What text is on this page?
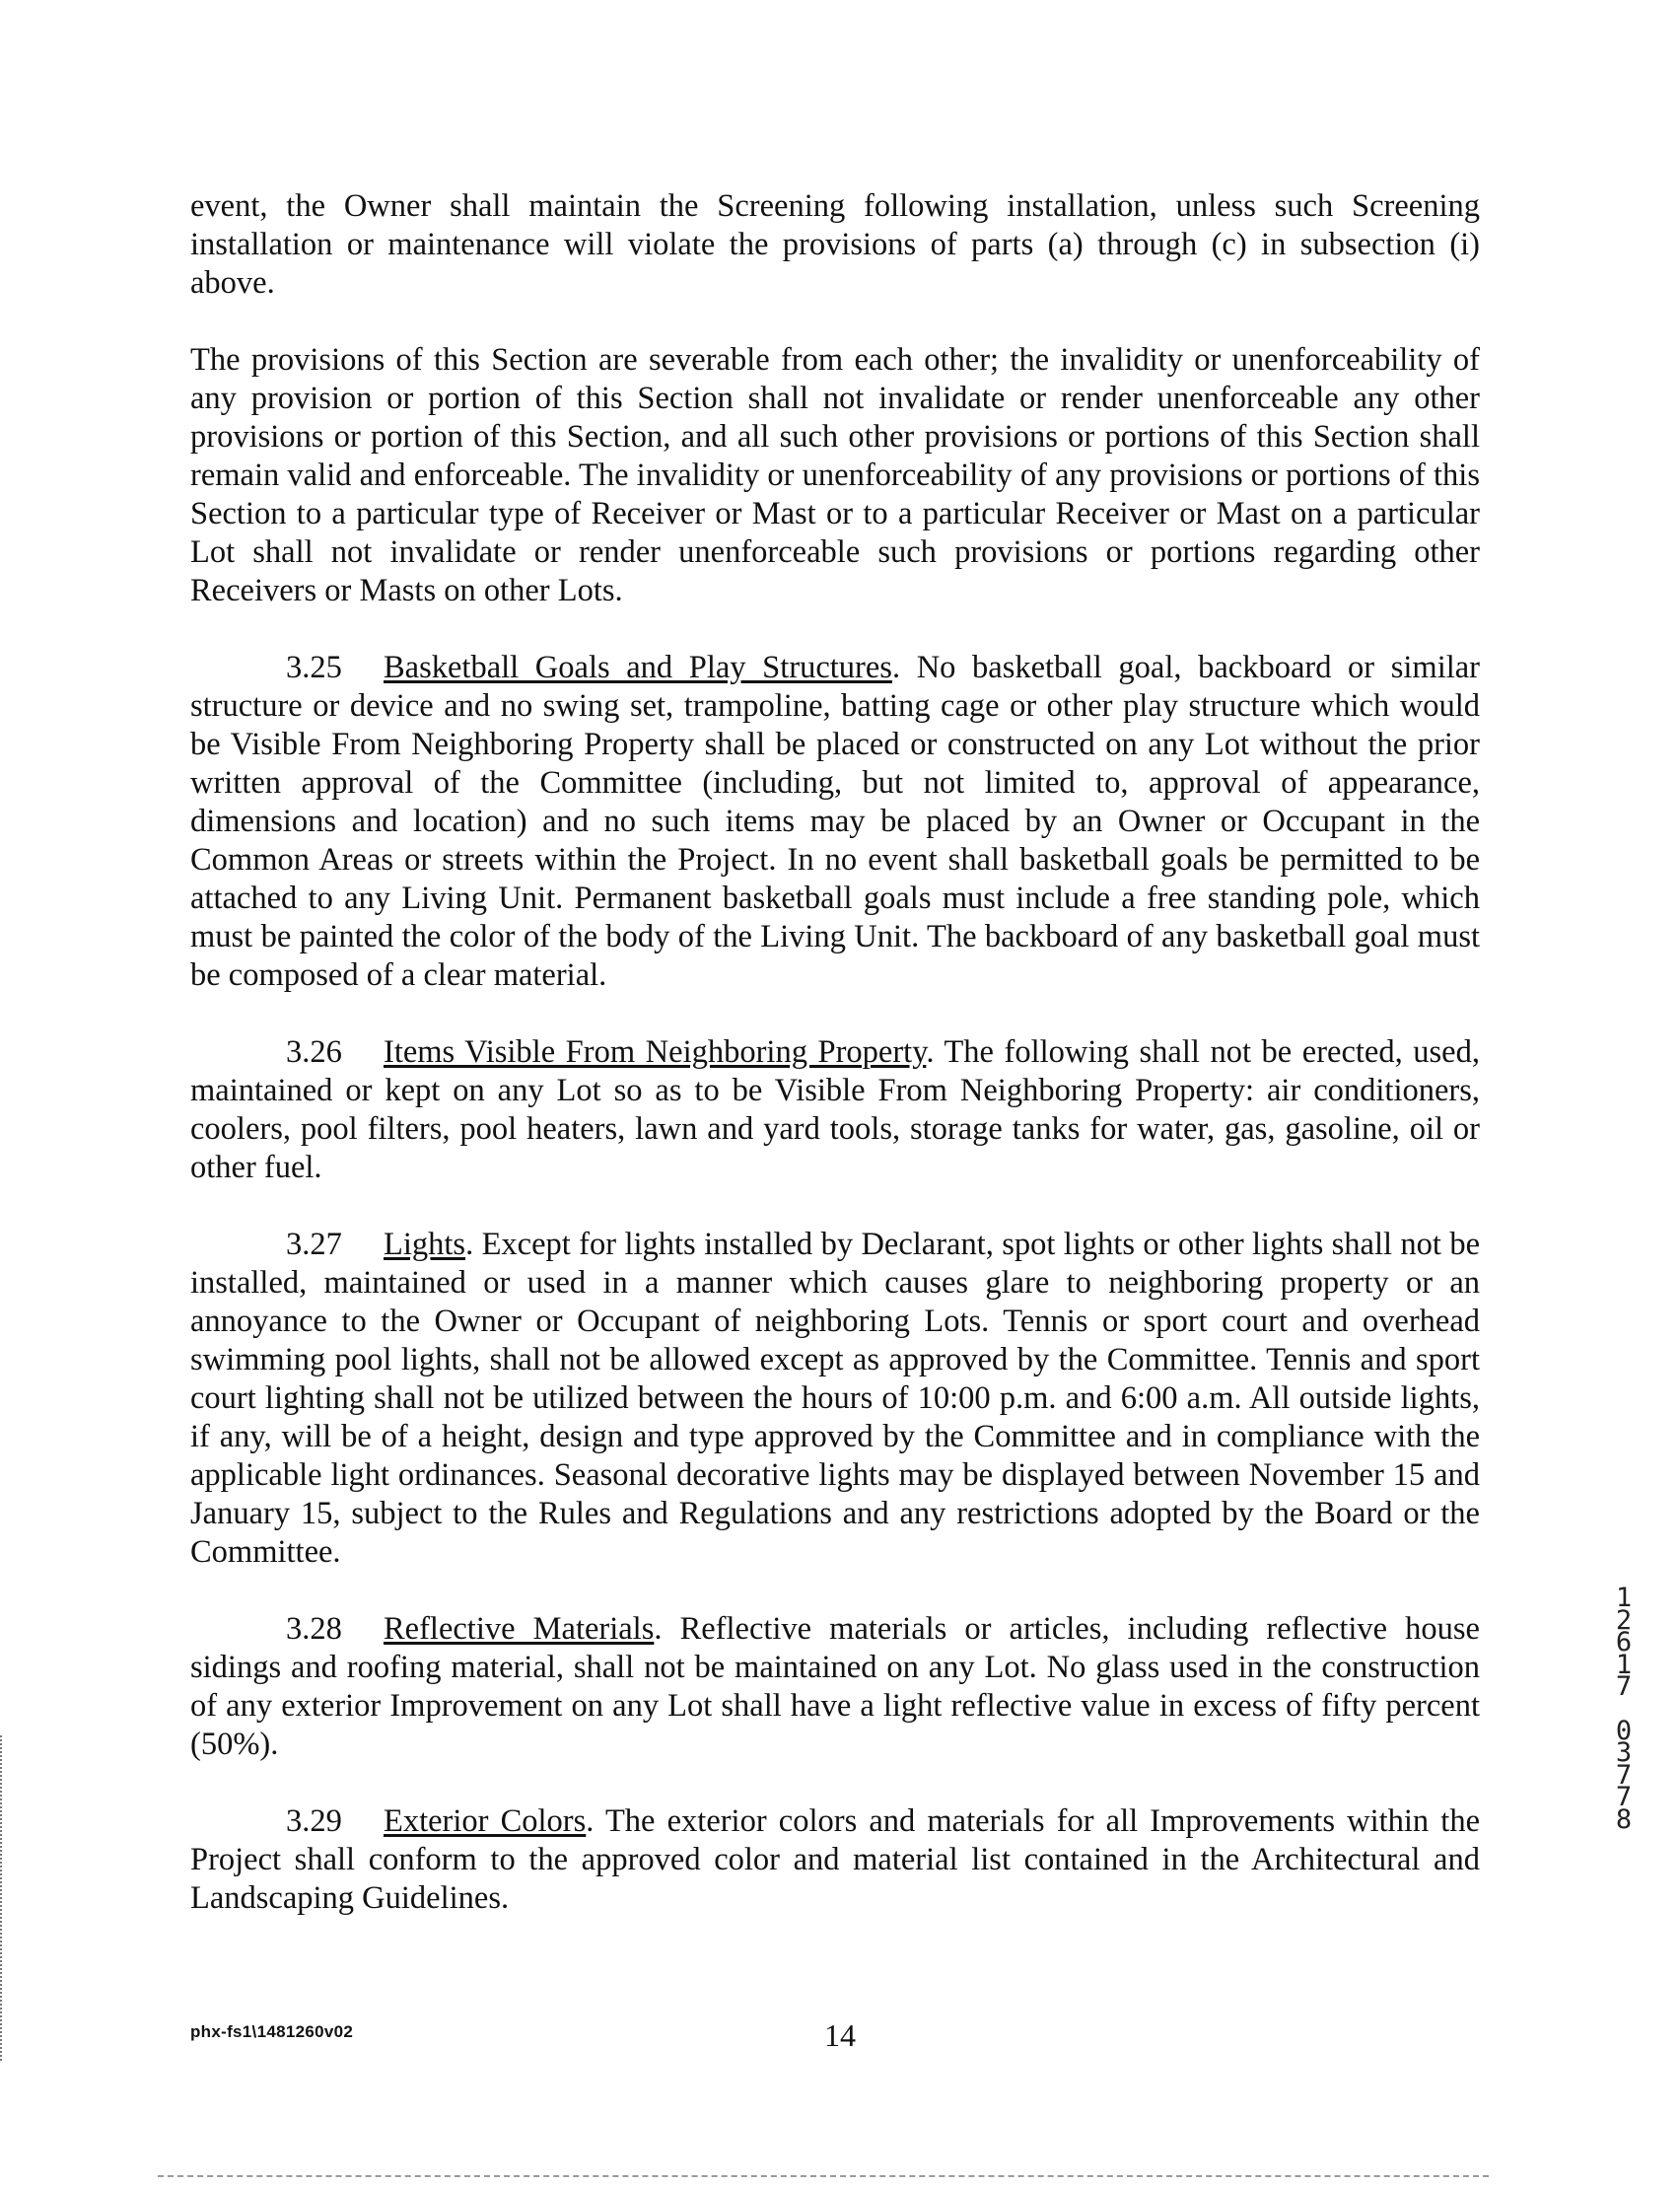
event, the Owner shall maintain the Screening following installation, unless such Screening installation or maintenance will violate the provisions of parts (a) through (c) in subsection (i) above.

The provisions of this Section are severable from each other; the invalidity or unenforceability of any provision or portion of this Section shall not invalidate or render unenforceable any other provisions or portion of this Section, and all such other provisions or portions of this Section shall remain valid and enforceable. The invalidity or unenforceability of any provisions or portions of this Section to a particular type of Receiver or Mast or to a particular Receiver or Mast on a particular Lot shall not invalidate or render unenforceable such provisions or portions regarding other Receivers or Masts on other Lots.

3.25 Basketball Goals and Play Structures. No basketball goal, backboard or similar structure or device and no swing set, trampoline, batting cage or other play structure which would be Visible From Neighboring Property shall be placed or constructed on any Lot without the prior written approval of the Committee (including, but not limited to, approval of appearance, dimensions and location) and no such items may be placed by an Owner or Occupant in the Common Areas or streets within the Project. In no event shall basketball goals be permitted to be attached to any Living Unit. Permanent basketball goals must include a free standing pole, which must be painted the color of the body of the Living Unit. The backboard of any basketball goal must be composed of a clear material.

3.26 Items Visible From Neighboring Property. The following shall not be erected, used, maintained or kept on any Lot so as to be Visible From Neighboring Property: air conditioners, coolers, pool filters, pool heaters, lawn and yard tools, storage tanks for water, gas, gasoline, oil or other fuel.

3.27 Lights. Except for lights installed by Declarant, spot lights or other lights shall not be installed, maintained or used in a manner which causes glare to neighboring property or an annoyance to the Owner or Occupant of neighboring Lots. Tennis or sport court and overhead swimming pool lights, shall not be allowed except as approved by the Committee. Tennis and sport court lighting shall not be utilized between the hours of 10:00 p.m. and 6:00 a.m. All outside lights, if any, will be of a height, design and type approved by the Committee and in compliance with the applicable light ordinances. Seasonal decorative lights may be displayed between November 15 and January 15, subject to the Rules and Regulations and any restrictions adopted by the Board or the Committee.

3.28 Reflective Materials. Reflective materials or articles, including reflective house sidings and roofing material, shall not be maintained on any Lot. No glass used in the construction of any exterior Improvement on any Lot shall have a light reflective value in excess of fifty percent (50%).

3.29 Exterior Colors. The exterior colors and materials for all Improvements within the Project shall conform to the approved color and material list contained in the Architectural and Landscaping Guidelines.

1
2
6
1
7
0
3
7
7
8
phx-fs1\1481260v02	14
